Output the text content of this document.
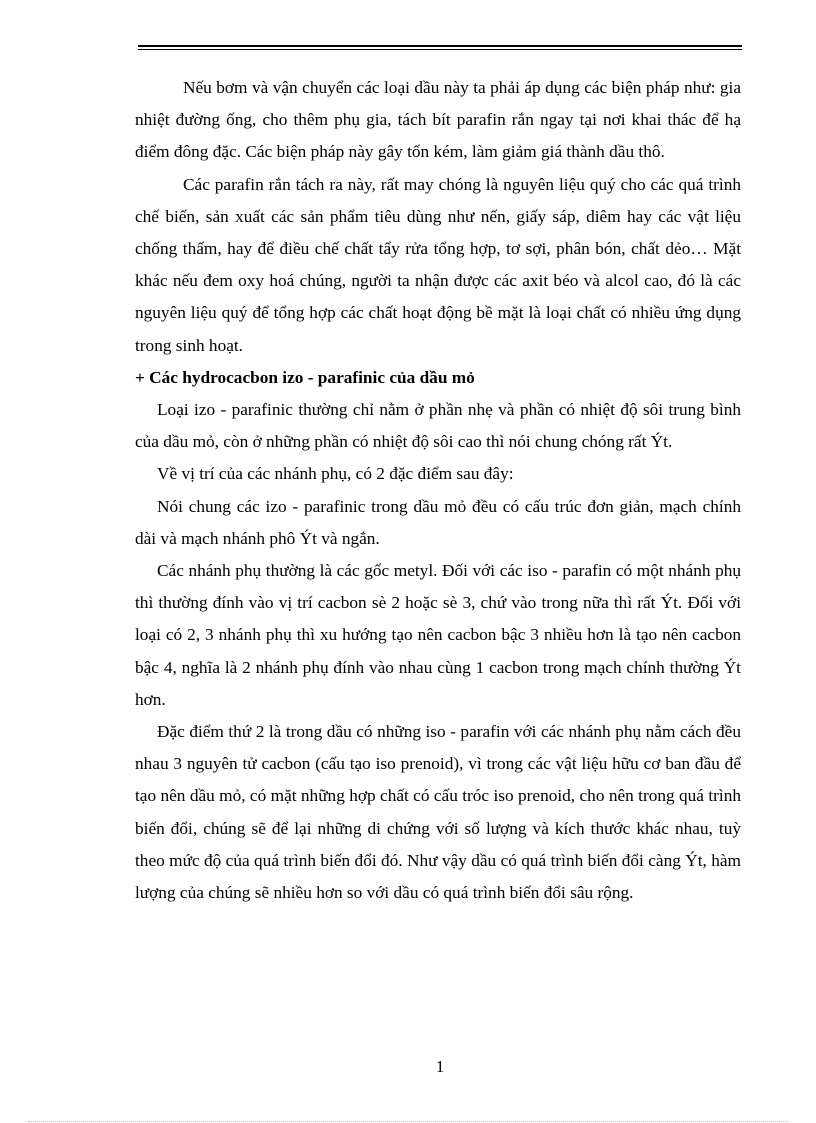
Nếu bơm và vận chuyển các loại dầu này ta phải áp dụng các biện pháp như: gia nhiệt đường ống, cho thêm phụ gia, tách bít parafin rắn ngay tại nơi khai thác để hạ điểm đông đặc. Các biện pháp này gây tốn kém, làm giảm giá thành dầu thô.

Các parafin rắn tách ra này, rất may chóng là nguyên liệu quý cho các quá trình chế biến, sản xuất các sản phẩm tiêu dùng như nến, giấy sáp, diêm hay các vật liệu chống thấm, hay để điều chế chất tẩy rửa tổng hợp, tơ sợi, phân bón, chất dẻo… Mặt khác nếu đem oxy hoá chúng, người ta nhận được các axit béo và alcol cao, đó là các nguyên liệu quý để tổng hợp các chất hoạt động bề mặt là loại chất có nhiều ứng dụng trong sinh hoạt.

+ Các hydrocacbon izo - parafinic của dầu mỏ

Loại izo - parafinic thường chỉ nằm ở phần nhẹ và phần có nhiệt độ sôi trung bình của dầu mỏ, còn ở những phần có nhiệt độ sôi cao thì nói chung chóng rất Ýt.

Về vị trí của các nhánh phụ, có 2 đặc điểm sau đây:

Nói chung các izo - parafinic trong dầu mỏ đều có cấu trúc đơn giản, mạch chính dài và mạch nhánh phô Ýt và ngắn.

Các nhánh phụ thường là các gốc metyl. Đối với các iso - parafin có một nhánh phụ thì thường đính vào vị trí cacbon sè 2 hoặc sè 3, chứ vào trong nữa thì rất Ýt. Đối với loại có 2, 3 nhánh phụ thì xu hướng tạo nên cacbon bậc 3 nhiều hơn là tạo nên cacbon bậc 4, nghĩa là 2 nhánh phụ đính vào nhau cùng 1 cacbon trong mạch chính thường Ýt hơn.

Đặc điểm thứ 2 là trong dầu có những iso - parafin với các nhánh phụ nằm cách đều nhau 3 nguyên tử cacbon (cấu tạo iso prenoid), vì trong các vật liệu hữu cơ ban đầu để tạo nên dầu mỏ, có mặt những hợp chất có cấu tróc iso prenoid, cho nên trong quá trình biến đổi, chúng sẽ để lại những di chứng với số lượng và kích thước khác nhau, tuỳ theo mức độ của quá trình biến đổi đó. Như vậy dầu có quá trình biến đổi càng Ýt, hàm lượng của chúng sẽ nhiều hơn so với dầu có quá trình biến đổi sâu rộng.

1
